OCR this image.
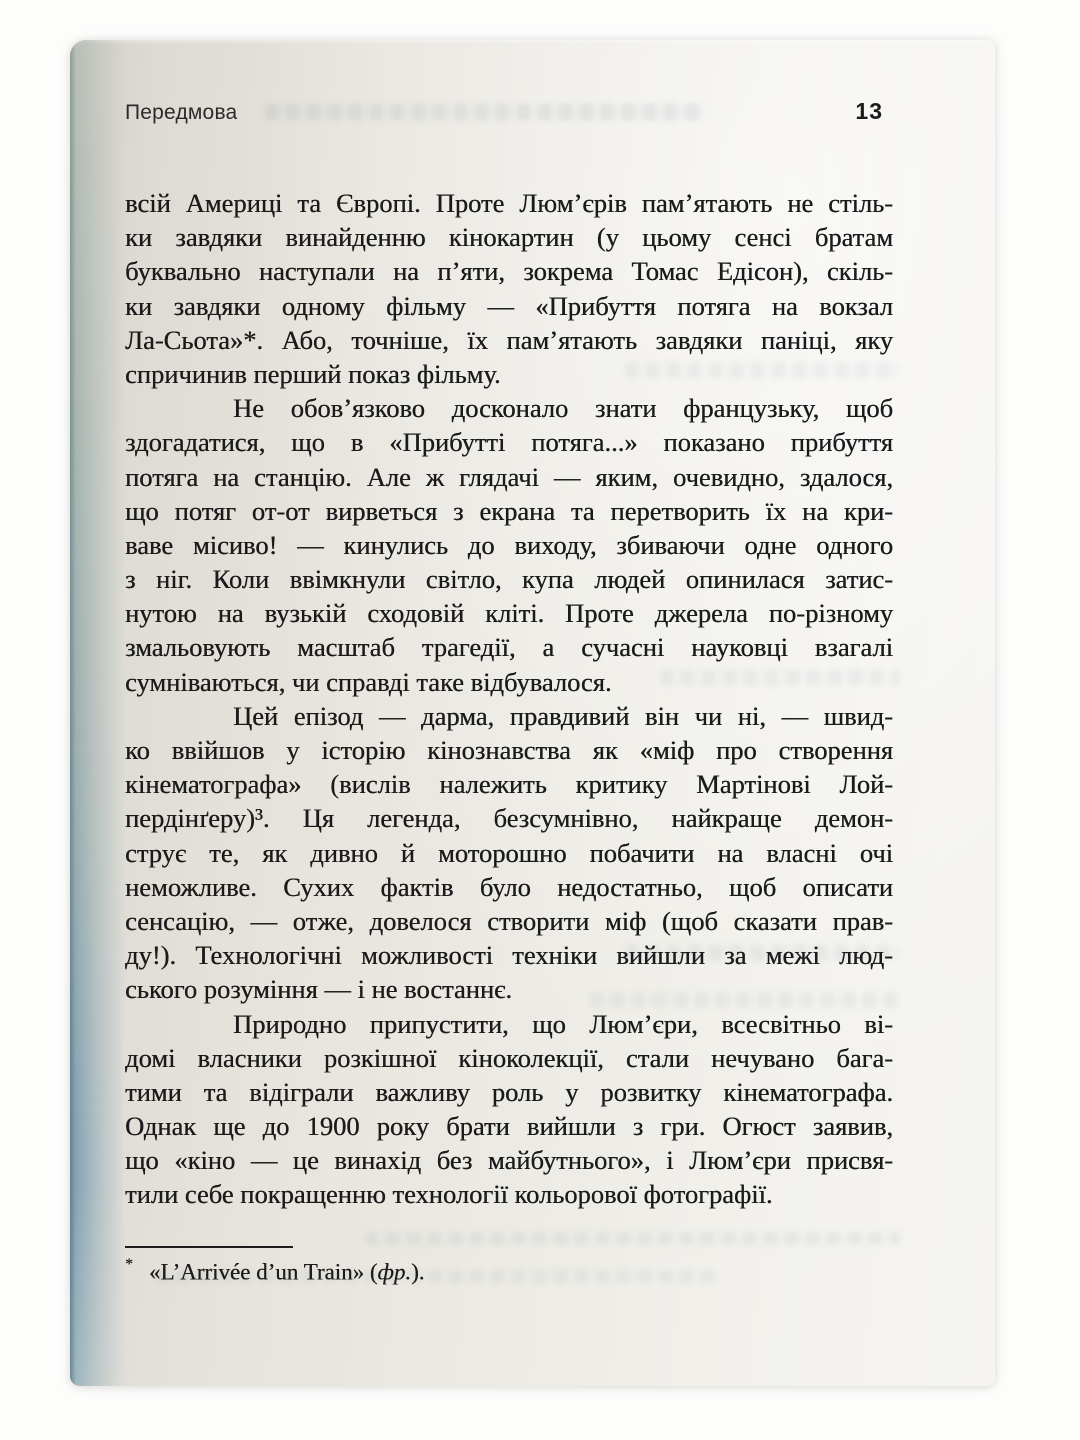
Передмова	13
всій Америці та Європі. Проте Люм’єрів пам’ятають не стіль-
ки завдяки винайденню кінокартин (у цьому сенсі братам
буквально наступали на п’яти, зокрема Томас Едісон), скіль-
ки завдяки одному фільму — «Прибуття потяга на вокзал
Ла-Сьота»*. Або, точніше, їх пам’ятають завдяки паніці, яку
спричинив перший показ фільму.
Не обов’язково досконало знати французьку, щоб
здогадатися, що в «Прибутті потяга...» показано прибуття
потяга на станцію. Але ж глядачі — яким, очевидно, здалося,
що потяг от-от вирветься з екрана та перетворить їх на кри-
ваве місиво! — кинулись до виходу, збиваючи одне одного
з ніг. Коли ввімкнули світло, купа людей опинилася затис-
нутою на вузькій сходовій кліті. Проте джерела по-різному
змальовують масштаб трагедії, а сучасні науковці взагалі
сумніваються, чи справді таке відбувалося.
Цей епізод — дарма, правдивий він чи ні, — швид-
ко ввійшов у історію кінознавства як «міф про створення
кінематографа» (вислів належить критику Мартінові Лой-
пердінґеру)³. Ця легенда, безсумнівно, найкраще демон-
струє те, як дивно й моторошно побачити на власні очі
неможливе. Сухих фактів було недостатньо, щоб описати
сенсацію, — отже, довелося створити міф (щоб сказати прав-
ду!). Технологічні можливості техніки вийшли за межі люд-
ського розуміння — і не востаннє.
Природно припустити, що Люм’єри, всесвітньо ві-
домі власники розкішної кіноколекції, стали нечувано бага-
тими та відіграли важливу роль у розвитку кінематографа.
Однак ще до 1900 року брати вийшли з гри. Огюст заявив,
що «кіно — це винахід без майбутнього», і Люм’єри присвя-
тили себе покращенню технології кольорової фотографії.
* «L’Arrivée d’un Train» (фр.).
